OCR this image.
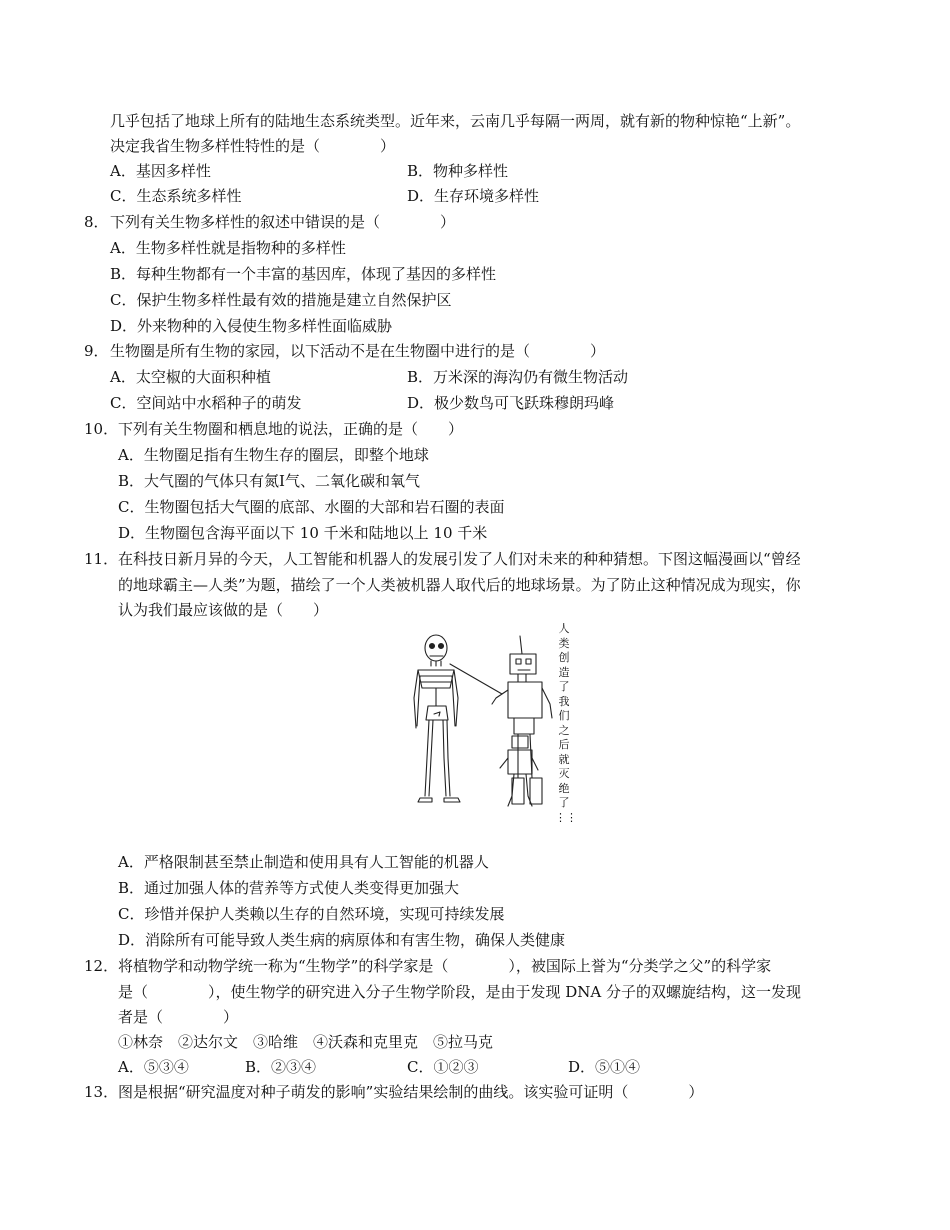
几乎包括了地球上所有的陆地生态系统类型。近年来，云南几乎每隔一两周，就有新的物种惊艳“上新”。
决定我省生物多样性特性的是（　　　　）
A．基因多样性	B．物种多样性
C．生态系统多样性	D．生存环境多样性
8． 下列有关生物多样性的叙述中错误的是（　　　　）
A．生物多样性就是指物种的多样性
B．每种生物都有一个丰富的基因库，体现了基因的多样性
C．保护生物多样性最有效的措施是建立自然保护区
D．外来物种的入侵使生物多样性面临威胁
9． 生物圈是所有生物的家园，以下活动不是在生物圈中进行的是（　　　　）
A．太空椒的大面积种植	B．万米深的海沟仍有微生物活动
C．空间站中水稻种子的萌发	D．极少数鸟可飞跃珠穆朗玛峰
10． 下列有关生物圈和栖息地的说法，正确的是（　　）
A．生物圈足指有生物生存的圈层，即整个地球
B．大气圈的气体只有氮Ⅰ气、二氧化碳和氧气
C．生物圈包括大气圈的底部、水圈的大部和岩石圈的表面
D．生物圈包含海平面以下 10 千米和陆地以上 10 千米
11． 在科技日新月异的今天，人工智能和机器人的发展引发了人们对未来的种种猜想。下图这幅漫画以“曾经
的地球霸主—人类”为题，描绘了一个人类被机器人取代后的地球场景。为了防止这种情况成为现实，你
认为我们最应该做的是（　　）
人
类
创
造
了
我
们
之
后
就
灭
绝
了
⋮⋮
A．严格限制甚至禁止制造和使用具有人工智能的机器人
B．通过加强人体的营养等方式使人类变得更加强大
C．珍惜并保护人类赖以生存的自然环境，实现可持续发展
D．消除所有可能导致人类生病的病原体和有害生物，确保人类健康
12． 将植物学和动物学统一称为“生物学”的科学家是（　　　　），被国际上誉为“分类学之父”的科学家
是（　　　　），使生物学的研究进入分子生物学阶段，是由于发现 DNA 分子的双螺旋结构，这一发现
者是（　　　　）
①林奈　②达尔文　③哈维　④沃森和克里克　⑤拉马克
A．⑤③④	B．②③④	C．①②③	D．⑤①④
13． 图是根据“研究温度对种子萌发的影响”实验结果绘制的曲线。该实验可证明（　　　　）
